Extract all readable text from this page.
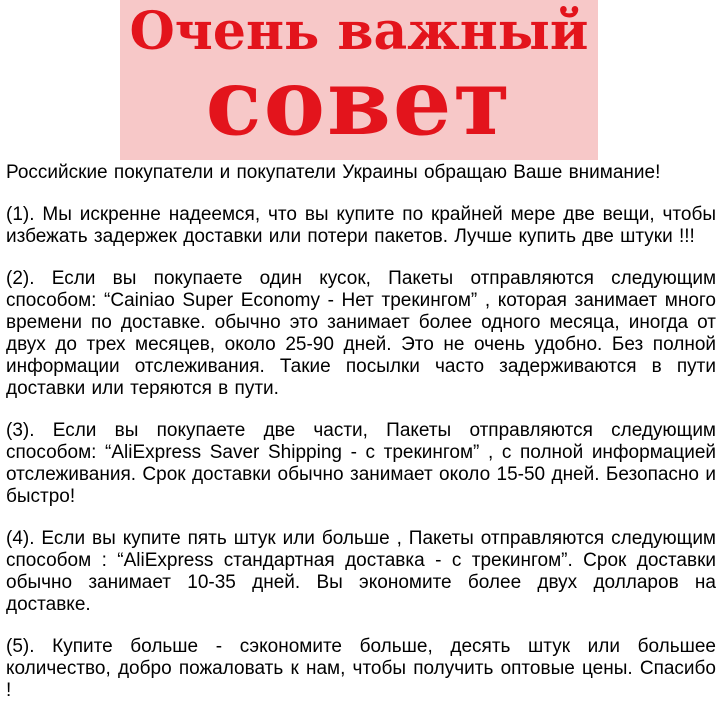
Очень важный
совет

Российские покупатели и покупатели Украины обращаю Ваше внимание!

(1). Мы искренне надеемся, что вы купите по крайней мере две вещи, чтобы избежать задержек доставки или потери пакетов. Лучше купить две штуки !!!

(2). Если вы покупаете один кусок, Пакеты отправляются следующим способом: “Cainiao Super Economy - Нет трекингом” , которая занимает много времени по доставке. обычно это занимает более одного месяца, иногда от двух до трех месяцев, около 25-90 дней. Это не очень удобно. Без полной информации отслеживания. Такие посылки часто задерживаются в пути доставки или теряются в пути.

(3). Если вы покупаете две части, Пакеты отправляются следующим способом: “AliExpress Saver Shipping - с трекингом” , с полной информацией отслеживания. Срок доставки обычно занимает около 15-50 дней. Безопасно и быстро!

(4). Если вы купите пять штук или больше , Пакеты отправляются следующим способом : “AliExpress стандартная доставка - с трекингом”. Срок доставки обычно занимает 10-35 дней. Вы экономите более двух долларов на доставке.

(5). Купите больше - сэкономите больше, десять штук или большее количество, добро пожаловать к нам, чтобы получить оптовые цены. Спасибо !
